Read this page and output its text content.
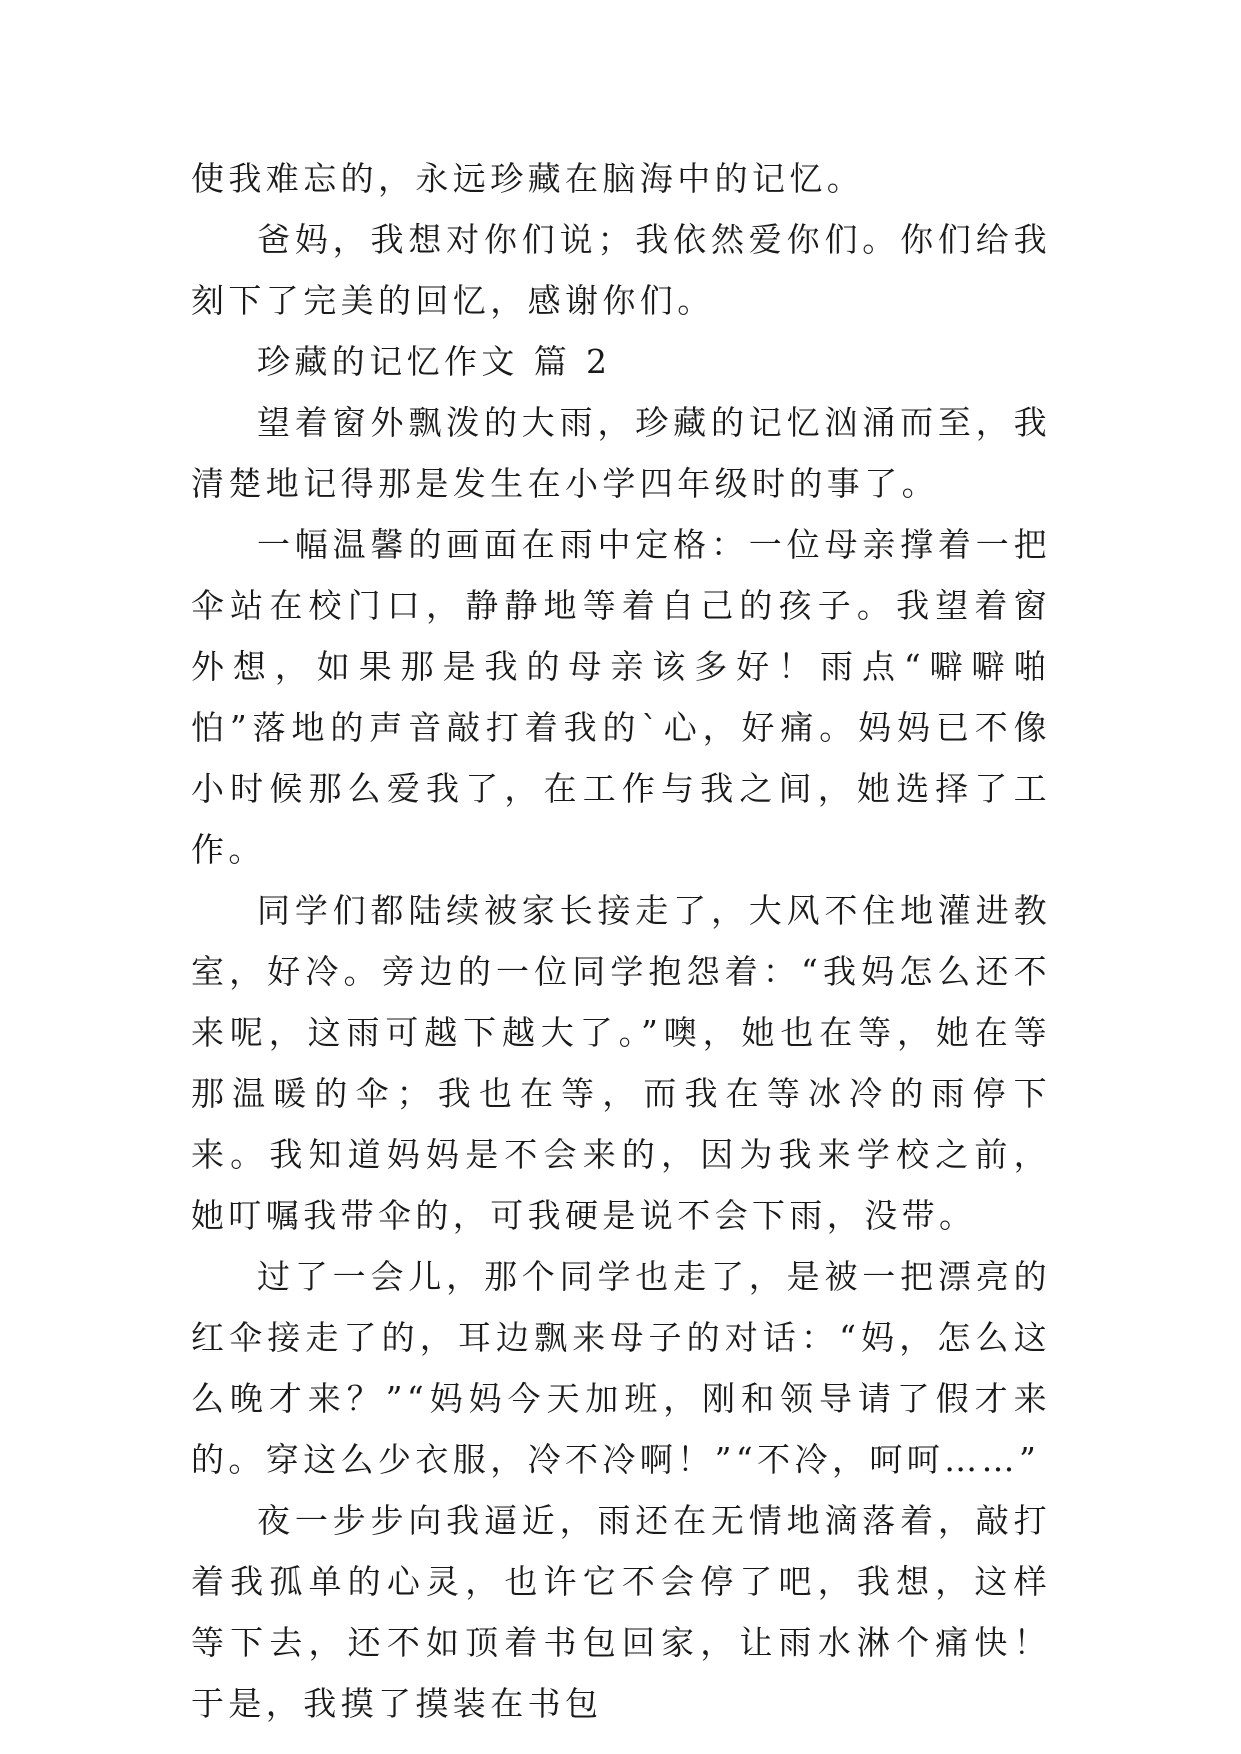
使我难忘的，永远珍藏在脑海中的记忆。

爸妈，我想对你们说；我依然爱你们。你们给我刻下了完美的回忆，感谢你们。

珍藏的记忆作文 篇 2

望着窗外飘泼的大雨，珍藏的记忆汹涌而至，我清楚地记得那是发生在小学四年级时的事了。

一幅温馨的画面在雨中定格：一位母亲撑着一把伞站在校门口，静静地等着自己的孩子。我望着窗外想，如果那是我的母亲该多好！雨点“噼噼啪怕”落地的声音敲打着我的`心，好痛。妈妈已不像小时候那么爱我了，在工作与我之间，她选择了工作。

同学们都陆续被家长接走了，大风不住地灌进教室，好冷。旁边的一位同学抱怨着：“我妈怎么还不来呢，这雨可越下越大了。”噢，她也在等，她在等那温暖的伞；我也在等，而我在等冰冷的雨停下来。我知道妈妈是不会来的，因为我来学校之前，她叮嘱我带伞的，可我硬是说不会下雨，没带。

过了一会儿，那个同学也走了，是被一把漂亮的红伞接走了的，耳边飘来母子的对话：“妈，怎么这么晚才来？”“妈妈今天加班，刚和领导请了假才来的。穿这么少衣服，冷不冷啊！”“不冷，呵呵……”

夜一步步向我逼近，雨还在无情地滴落着，敲打着我孤单的心灵，也许它不会停了吧，我想，这样等下去，还不如顶着书包回家，让雨水淋个痛快！于是，我摸了摸装在书包
